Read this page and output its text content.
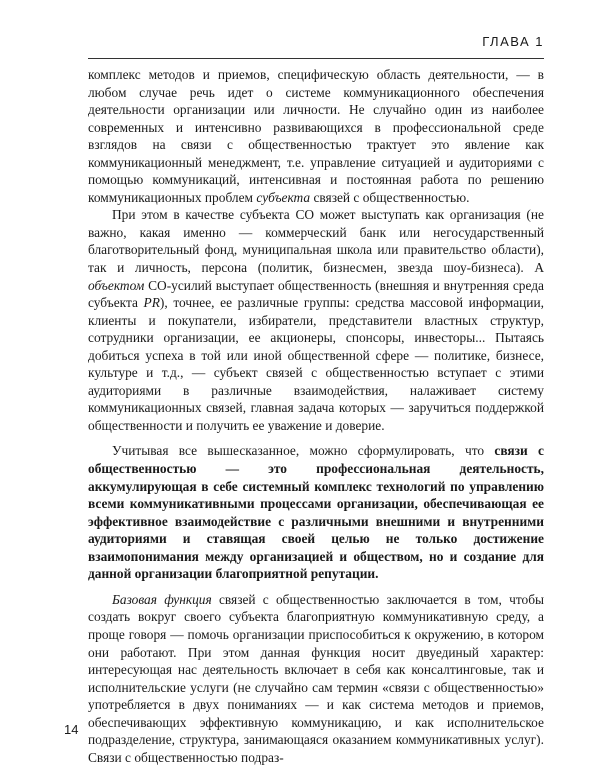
ГЛАВА 1

комплекс методов и приемов, специфическую область деятельности, — в любом случае речь идет о системе коммуникационного обеспечения деятельности организации или личности. Не случайно один из наиболее современных и интенсивно развивающихся в профессиональной среде взглядов на связи с общественностью трактует это явление как коммуникационный менеджмент, т.е. управление ситуацией и аудиториями с помощью коммуникаций, интенсивная и постоянная работа по решению коммуникационных проблем субъекта связей с общественностью.

При этом в качестве субъекта СО может выступать как организация (не важно, какая именно — коммерческий банк или негосударственный благотворительный фонд, муниципальная школа или правительство области), так и личность, персона (политик, бизнесмен, звезда шоу-бизнеса). А объектом СО-усилий выступает общественность (внешняя и внутренняя среда субъекта PR), точнее, ее различные группы: средства массовой информации, клиенты и покупатели, избиратели, представители властных структур, сотрудники организации, ее акционеры, спонсоры, инвесторы... Пытаясь добиться успеха в той или иной общественной сфере — политике, бизнесе, культуре и т.д., — субъект связей с общественностью вступает с этими аудиториями в различные взаимодействия, налаживает систему коммуникационных связей, главная задача которых — заручиться поддержкой общественности и получить ее уважение и доверие.

Учитывая все вышесказанное, можно сформулировать, что связи с общественностью — это профессиональная деятельность, аккумулирующая в себе системный комплекс технологий по управлению всеми коммуникативными процессами организации, обеспечивающая ее эффективное взаимодействие с различными внешними и внутренними аудиториями и ставящая своей целью не только достижение взаимопонимания между организацией и обществом, но и создание для данной организации благоприятной репутации.

Базовая функция связей с общественностью заключается в том, чтобы создать вокруг своего субъекта благоприятную коммуникативную среду, а проще говоря — помочь организации приспособиться к окружению, в котором они работают. При этом данная функция носит двуединый характер: интересующая нас деятельность включает в себя как консалтинговые, так и исполнительские услуги (не случайно сам термин «связи с общественностью» употребляется в двух пониманиях — и как система методов и приемов, обеспечивающих эффективную коммуникацию, и как исполнительское подразделение, структура, занимающаяся оказанием коммуникативных услуг). Связи с общественностью подраз-

14
